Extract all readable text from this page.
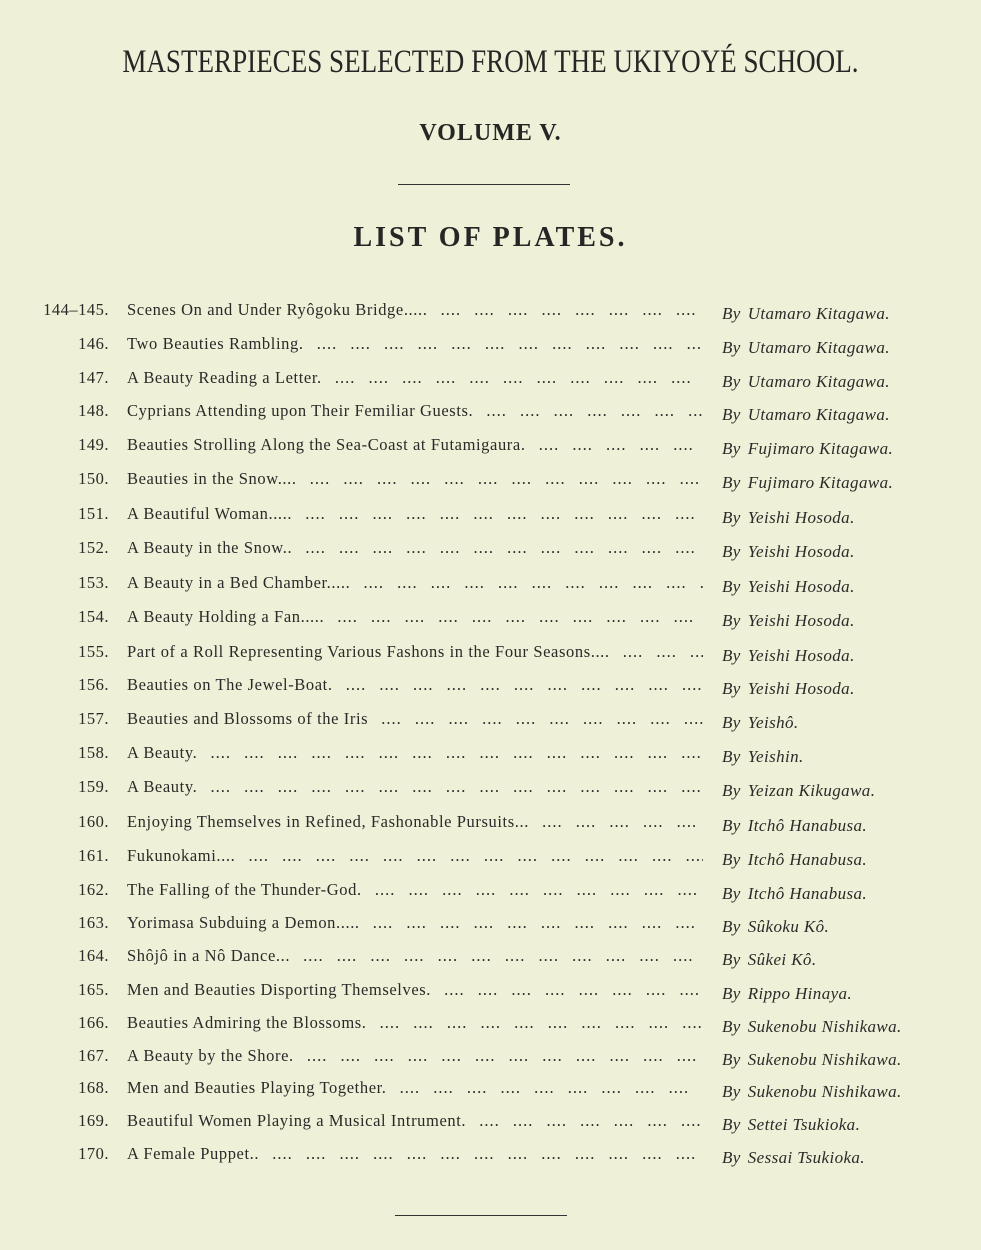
MASTERPIECES SELECTED FROM THE UKIYOYÉ SCHOOL.
VOLUME V.
LIST OF PLATES.
144–145. Scenes On and Under Ryôgoku Bridge..... ....	By Utamaro Kitagawa.
146. Two Beauties Rambling. ....	By Utamaro Kitagawa.
147. A Beauty Reading a Letter. ....	By Utamaro Kitagawa.
148. Cyprians Attending upon Their Femiliar Guests. ....	By Utamaro Kitagawa.
149. Beauties Strolling Along the Sea-Coast at Futamigaura. ....	By Fujimaro Kitagawa.
150. Beauties in the Snow.... ....	By Fujimaro Kitagawa.
151. A Beautiful Woman..... ....	By Yeishi Hosoda.
152. A Beauty in the Snow.. ....	By Yeishi Hosoda.
153. A Beauty in a Bed Chamber..... ....	By Yeishi Hosoda.
154. A Beauty Holding a Fan..... ....	By Yeishi Hosoda.
155. Part of a Roll Representing Various Fashons in the Four Seasons.... ....	By Yeishi Hosoda.
156. Beauties on The Jewel-Boat. ....	By Yeishi Hosoda.
157. Beauties and Blossoms of the Iris ....	By Yeishô.
158. A Beauty. ....	By Yeishin.
159. A Beauty. ....	By Yeizan Kikugawa.
160. Enjoying Themselves in Refined, Fashonable Pursuits... ....	By Itchô Hanabusa.
161. Fukunokami.... ....	By Itchô Hanabusa.
162. The Falling of the Thunder-God. ....	By Itchô Hanabusa.
163. Yorimasa Subduing a Demon..... ....	By Sûkoku Kô.
164. Shôjô in a Nô Dance... ....	By Sûkei Kô.
165. Men and Beauties Disporting Themselves. ....	By Rippo Hinaya.
166. Beauties Admiring the Blossoms. ....	By Sukenobu Nishikawa.
167. A Beauty by the Shore. ....	By Sukenobu Nishikawa.
168. Men and Beauties Playing Together. ....	By Sukenobu Nishikawa.
169. Beautiful Women Playing a Musical Intrument. ....	By Settei Tsukioka.
170. A Female Puppet.. ....	By Sessai Tsukioka.
